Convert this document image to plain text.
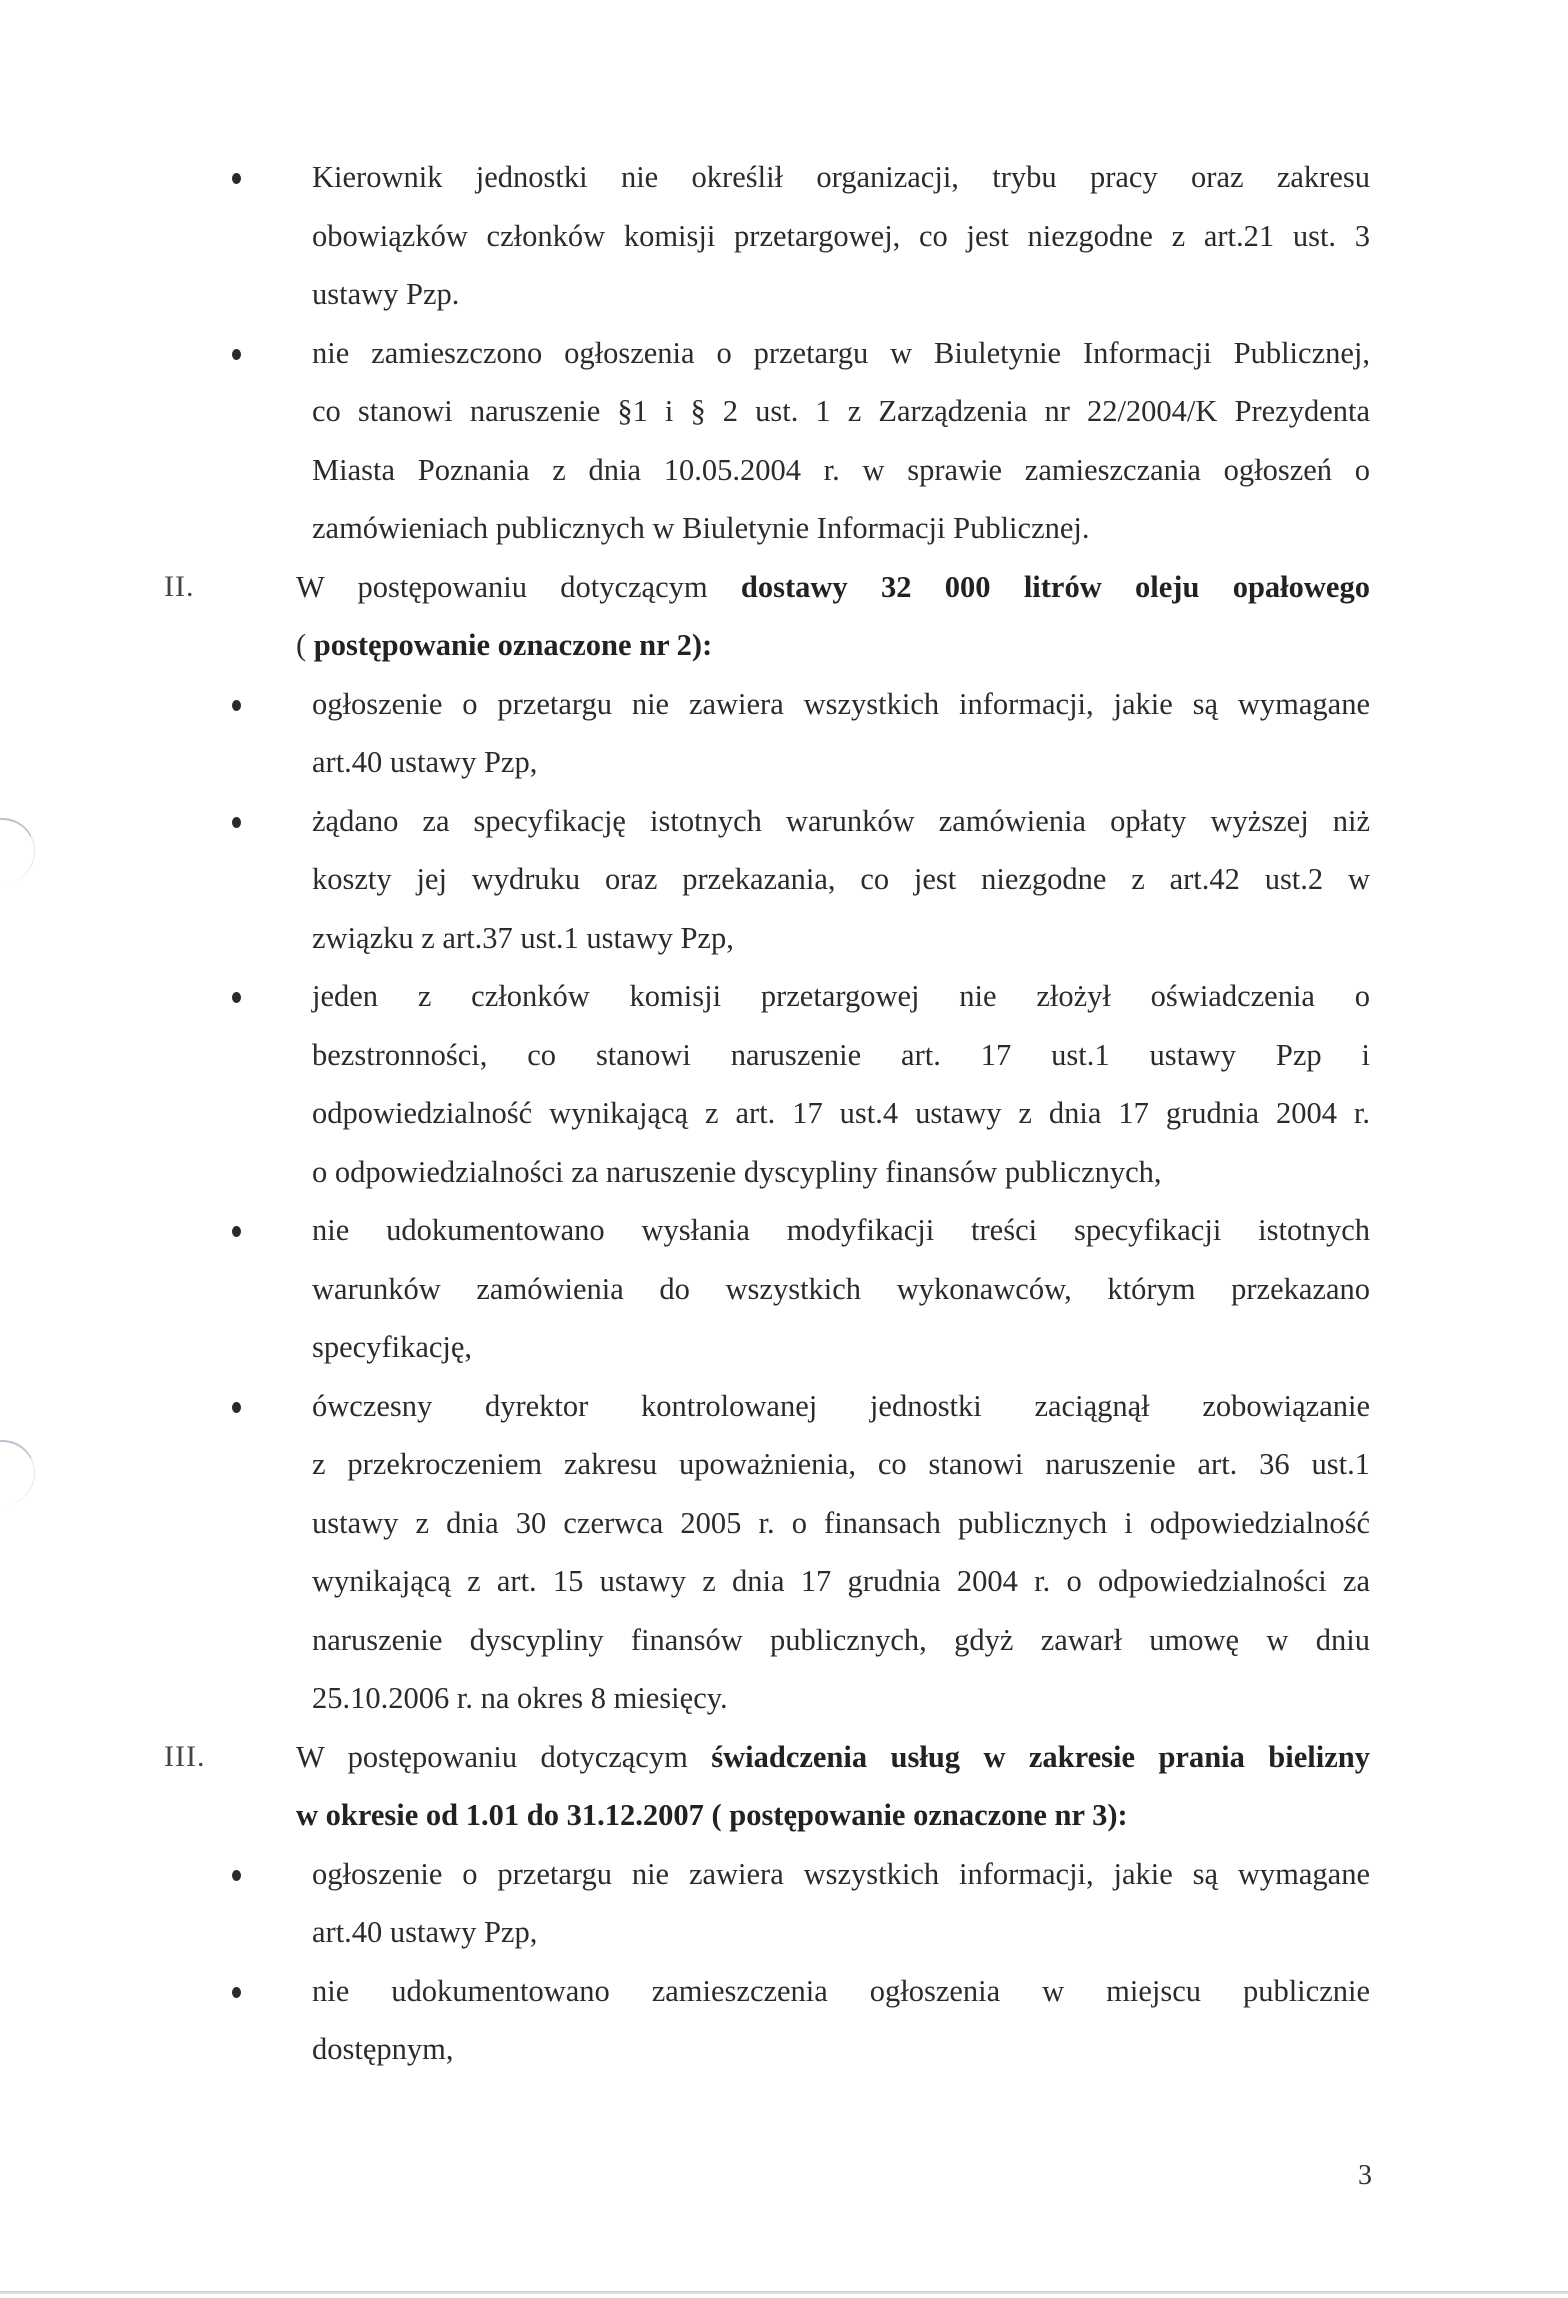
Kierownik jednostki nie określił organizacji, trybu pracy oraz zakresu
obowiązków członków komisji przetargowej, co jest niezgodne z art.21 ust. 3
ustawy Pzp.
nie zamieszczono ogłoszenia o przetargu w Biuletynie Informacji Publicznej,
co stanowi naruszenie §1 i § 2 ust. 1 z Zarządzenia nr 22/2004/K Prezydenta
Miasta Poznania z dnia 10.05.2004 r. w sprawie zamieszczania ogłoszeń o
zamówieniach publicznych w Biuletynie Informacji Publicznej.
II.	W postępowaniu dotyczącym dostawy 32 000 litrów oleju opałowego
( postępowanie oznaczone nr 2):
ogłoszenie o przetargu nie zawiera wszystkich informacji, jakie są wymagane
art.40 ustawy Pzp,
żądano za specyfikację istotnych warunków zamówienia opłaty wyższej niż
koszty jej wydruku oraz przekazania, co jest niezgodne z art.42 ust.2 w
związku z art.37 ust.1 ustawy Pzp,
jeden z członków komisji przetargowej nie złożył oświadczenia o
bezstronności, co stanowi naruszenie art. 17 ust.1 ustawy Pzp i
odpowiedzialność wynikającą z art. 17 ust.4 ustawy z dnia 17 grudnia 2004 r.
o odpowiedzialności za naruszenie dyscypliny finansów publicznych,
nie udokumentowano wysłania modyfikacji treści specyfikacji istotnych
warunków zamówienia do wszystkich wykonawców, którym przekazano
specyfikację,
ówczesny dyrektor kontrolowanej jednostki zaciągnął zobowiązanie
z przekroczeniem zakresu upoważnienia, co stanowi naruszenie art. 36 ust.1
ustawy z dnia 30 czerwca 2005 r. o finansach publicznych i odpowiedzialność
wynikającą z art. 15 ustawy z dnia 17 grudnia 2004 r. o odpowiedzialności za
naruszenie dyscypliny finansów publicznych, gdyż zawarł umowę w dniu
25.10.2006 r. na okres 8 miesięcy.
III.	W postępowaniu dotyczącym świadczenia usług w zakresie prania bielizny
w okresie od 1.01 do 31.12.2007 ( postępowanie oznaczone nr 3):
ogłoszenie o przetargu nie zawiera wszystkich informacji, jakie są wymagane
art.40 ustawy Pzp,
nie udokumentowano zamieszczenia ogłoszenia w miejscu publicznie
dostępnym,
3
